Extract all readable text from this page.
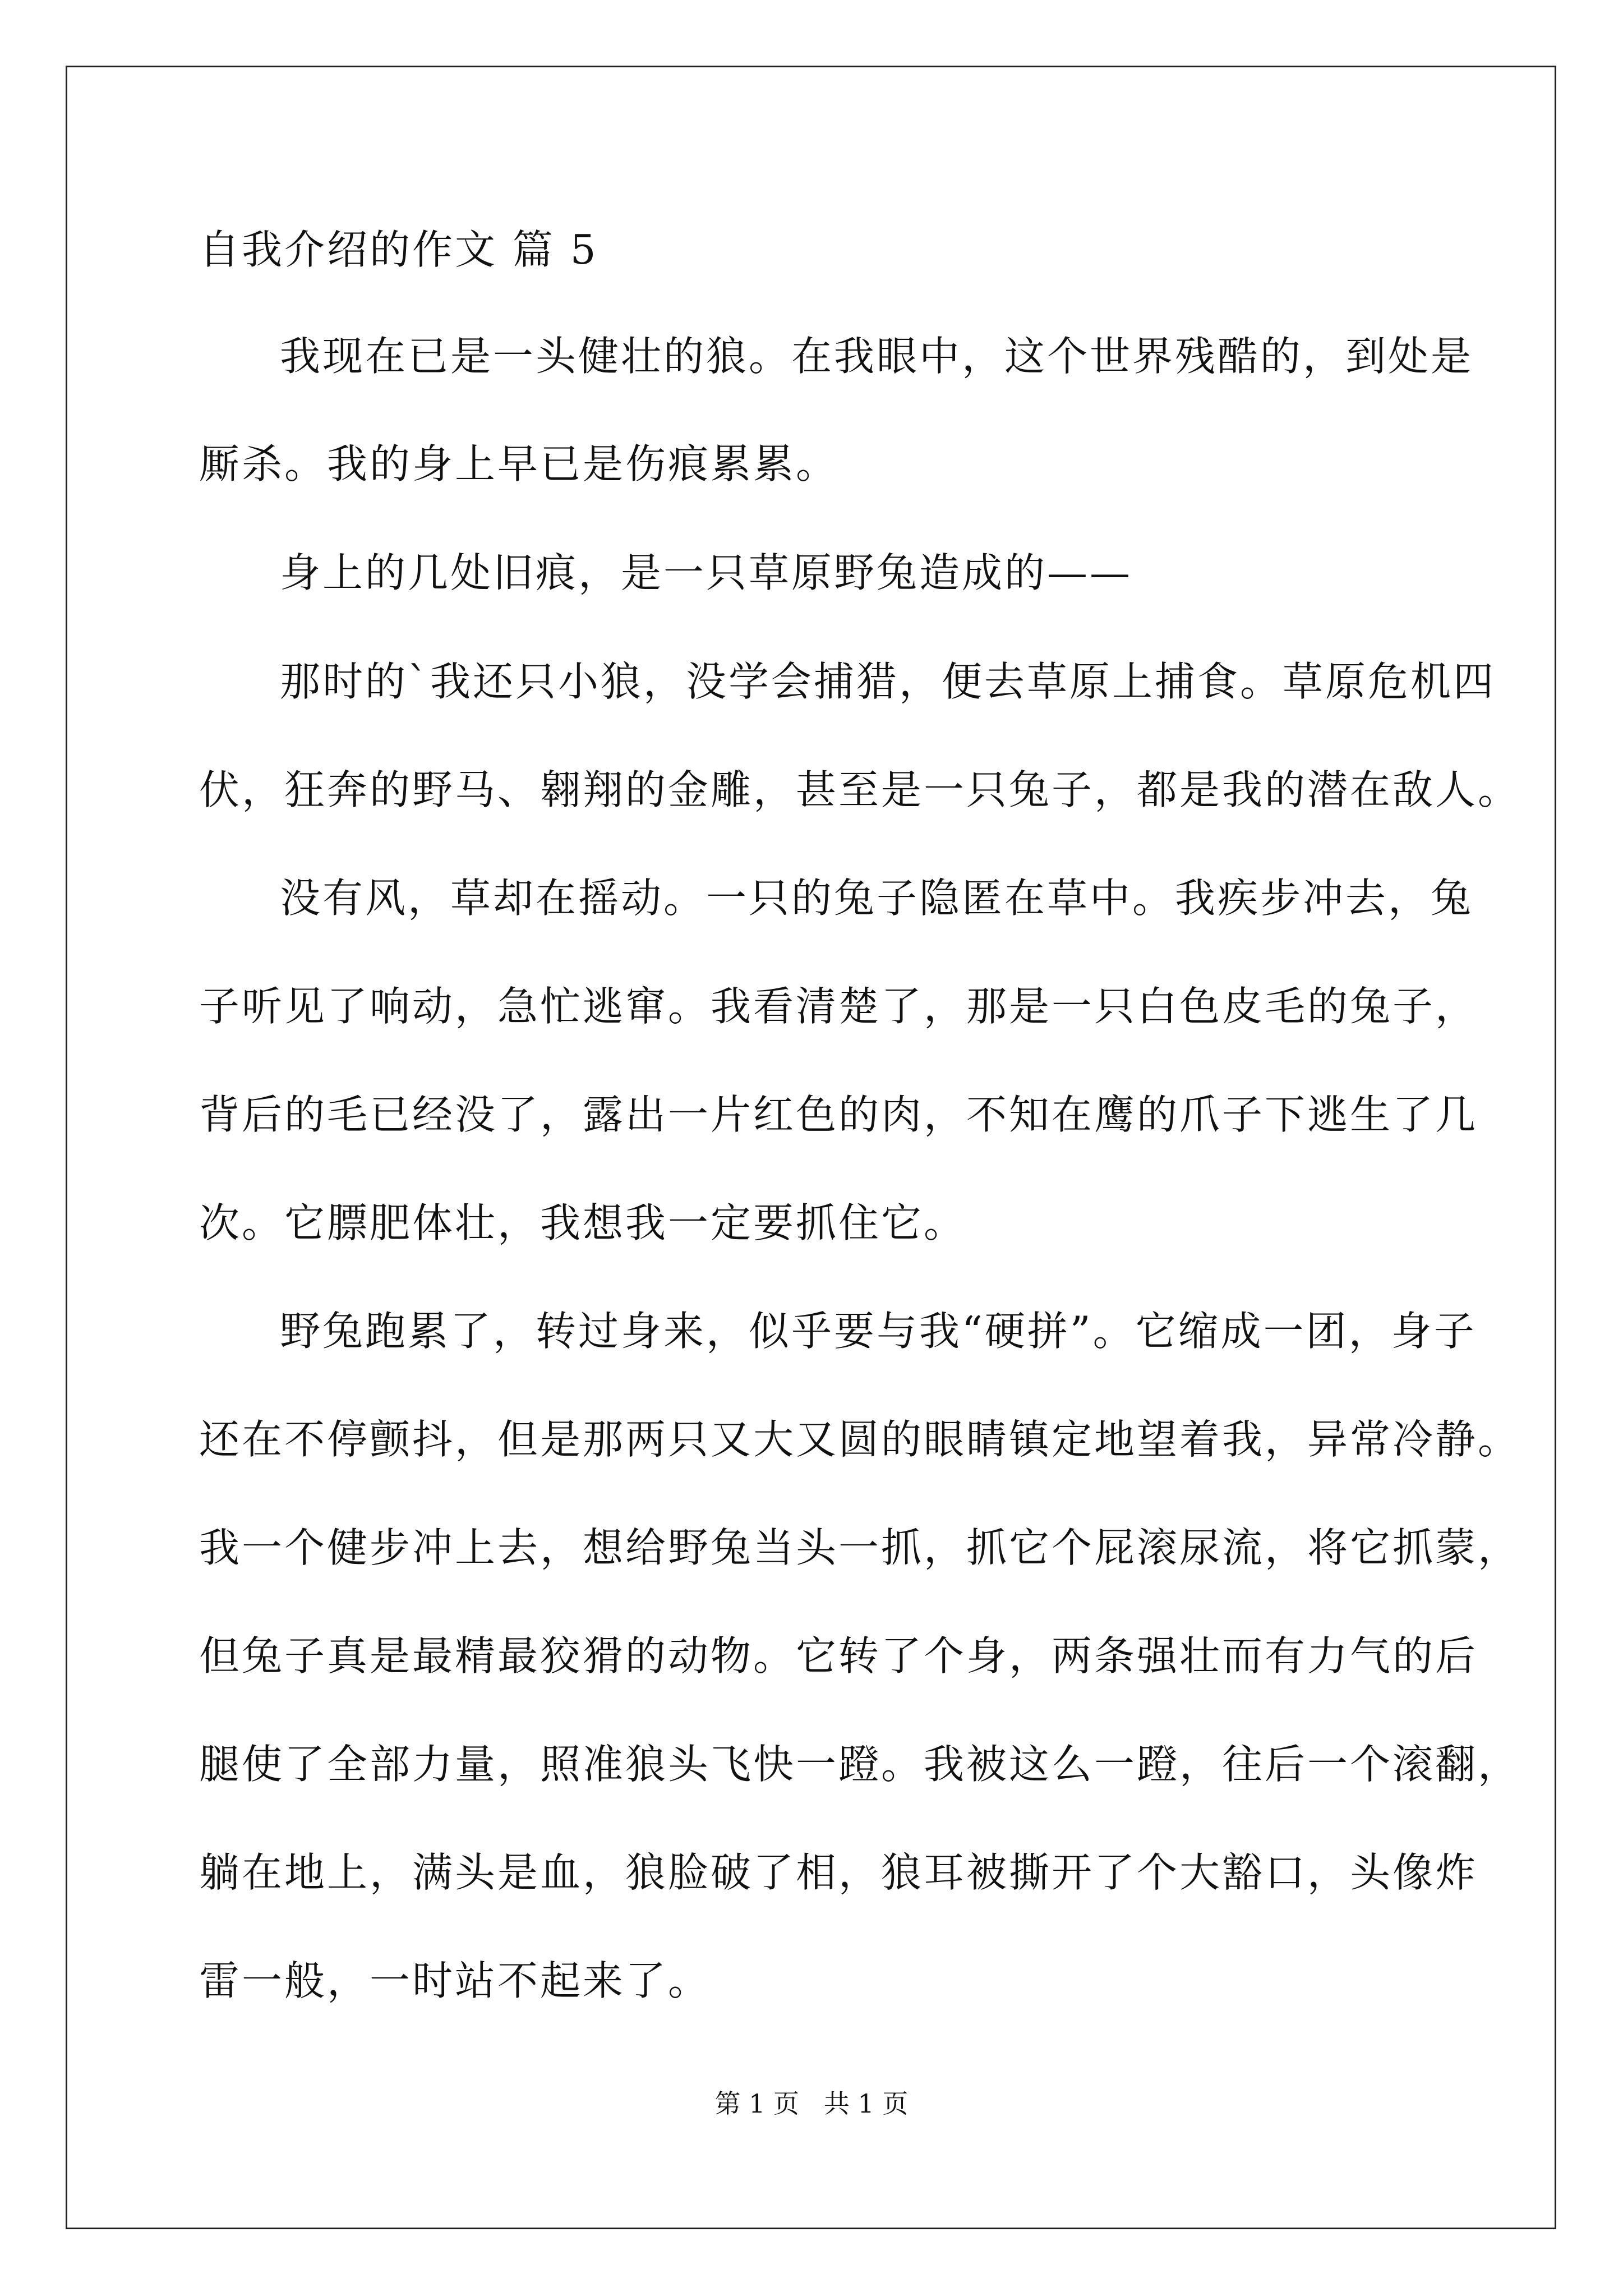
自我介绍的作文 篇 5
我现在已是一头健壮的狼。在我眼中，这个世界残酷的，到处是
厮杀。我的身上早已是伤痕累累。
身上的几处旧痕，是一只草原野兔造成的——
那时的`我还只小狼，没学会捕猎，便去草原上捕食。草原危机四
伏，狂奔的野马、翱翔的金雕，甚至是一只兔子，都是我的潜在敌人。
没有风，草却在摇动。一只的兔子隐匿在草中。我疾步冲去，兔
子听见了响动，急忙逃窜。我看清楚了，那是一只白色皮毛的兔子，
背后的毛已经没了，露出一片红色的肉，不知在鹰的爪子下逃生了几
次。它膘肥体壮，我想我一定要抓住它。
野兔跑累了，转过身来，似乎要与我“硬拼”。它缩成一团，身子
还在不停颤抖，但是那两只又大又圆的眼睛镇定地望着我，异常冷静。
我一个健步冲上去，想给野兔当头一抓，抓它个屁滚尿流，将它抓蒙，
但兔子真是最精最狡猾的动物。它转了个身，两条强壮而有力气的后
腿使了全部力量，照准狼头飞快一蹬。我被这么一蹬，往后一个滚翻，
躺在地上，满头是血，狼脸破了相，狼耳被撕开了个大豁口，头像炸
雷一般，一时站不起来了。
第 1 页   共 1 页
